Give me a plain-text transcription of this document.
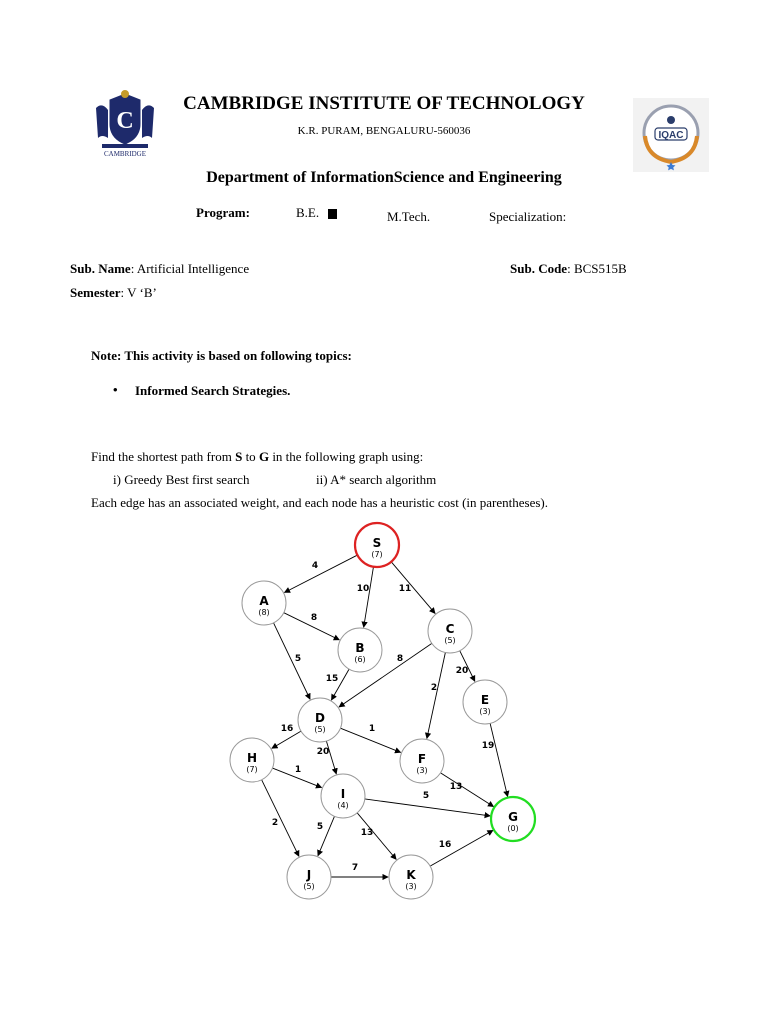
C
CAMBRIDGE
IQAC
CAMBRIDGE INSTITUTE OF TECHNOLOGY
K.R. PURAM, BENGALURU-560036
Department of InformationScience and Engineering
Program:	B.E.	M.Tech.	Specialization:
Sub. Name: Artificial Intelligence	Sub. Code: BCS515B
Semester: V ‘B’
Note: This activity is based on following topics:
• Informed Search Strategies.
Find the shortest path from S to G in the following graph using:
i) Greedy Best first search	ii) A* search algorithm
Each edge has an associated weight, and each node has a heuristic cost (in parentheses).
4
10	11
8
5
15
8
2
20
1
16
20
19
13
1
2
5
5
13
7
16
S
(7)
A
(8)
B
(6)
C
(5)
D
(5)
E
(3)
F
(3)
G
(0)
H
(7)
I
(4)
J
(5)
K
(3)
